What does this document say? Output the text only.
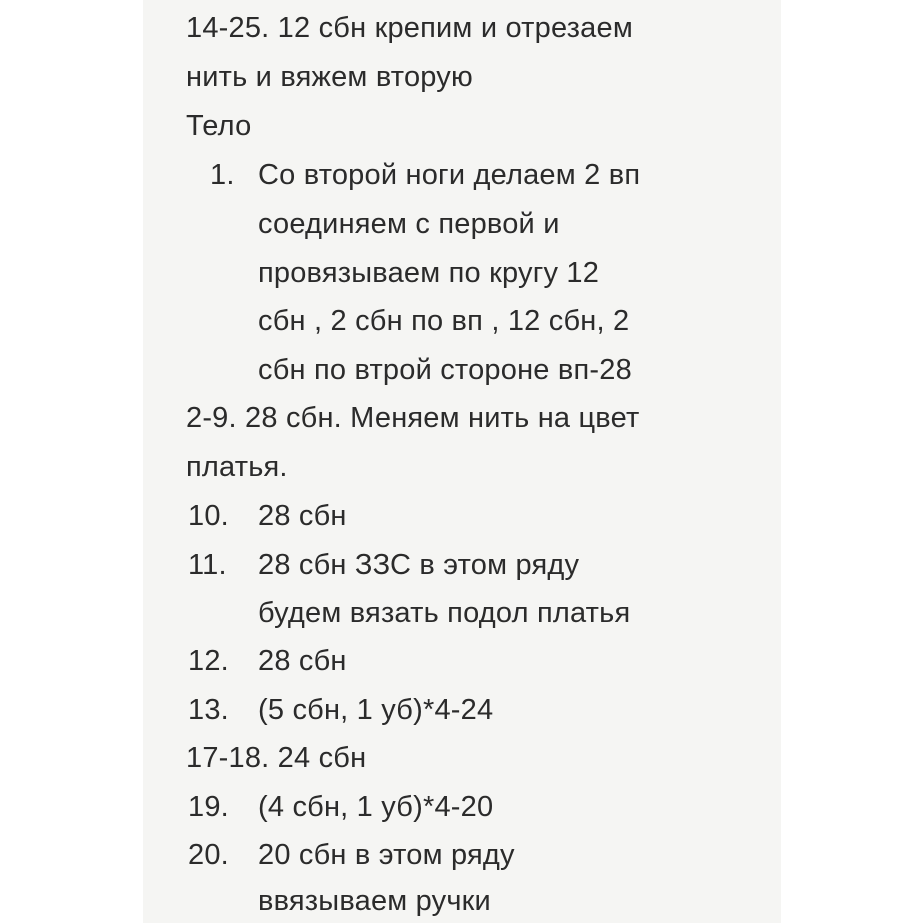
14-25. 12 сбн крепим и отрезаем
нить и вяжем вторую
Тело
1. Со второй ноги делаем 2 вп
соединяем с первой и
провязываем по кругу 12
сбн , 2 сбн по вп , 12 сбн, 2
сбн по втрой стороне вп-28
2-9. 28 сбн. Меняем нить на цвет
платья.
10. 28 сбн
11. 28 сбн ЗЗС в этом ряду
будем вязать подол платья
12. 28 сбн
13. (5 сбн, 1 уб)*4-24
17-18. 24 сбн
19. (4 сбн, 1 уб)*4-20
20. 20 сбн в этом ряду
ввязываем ручки
